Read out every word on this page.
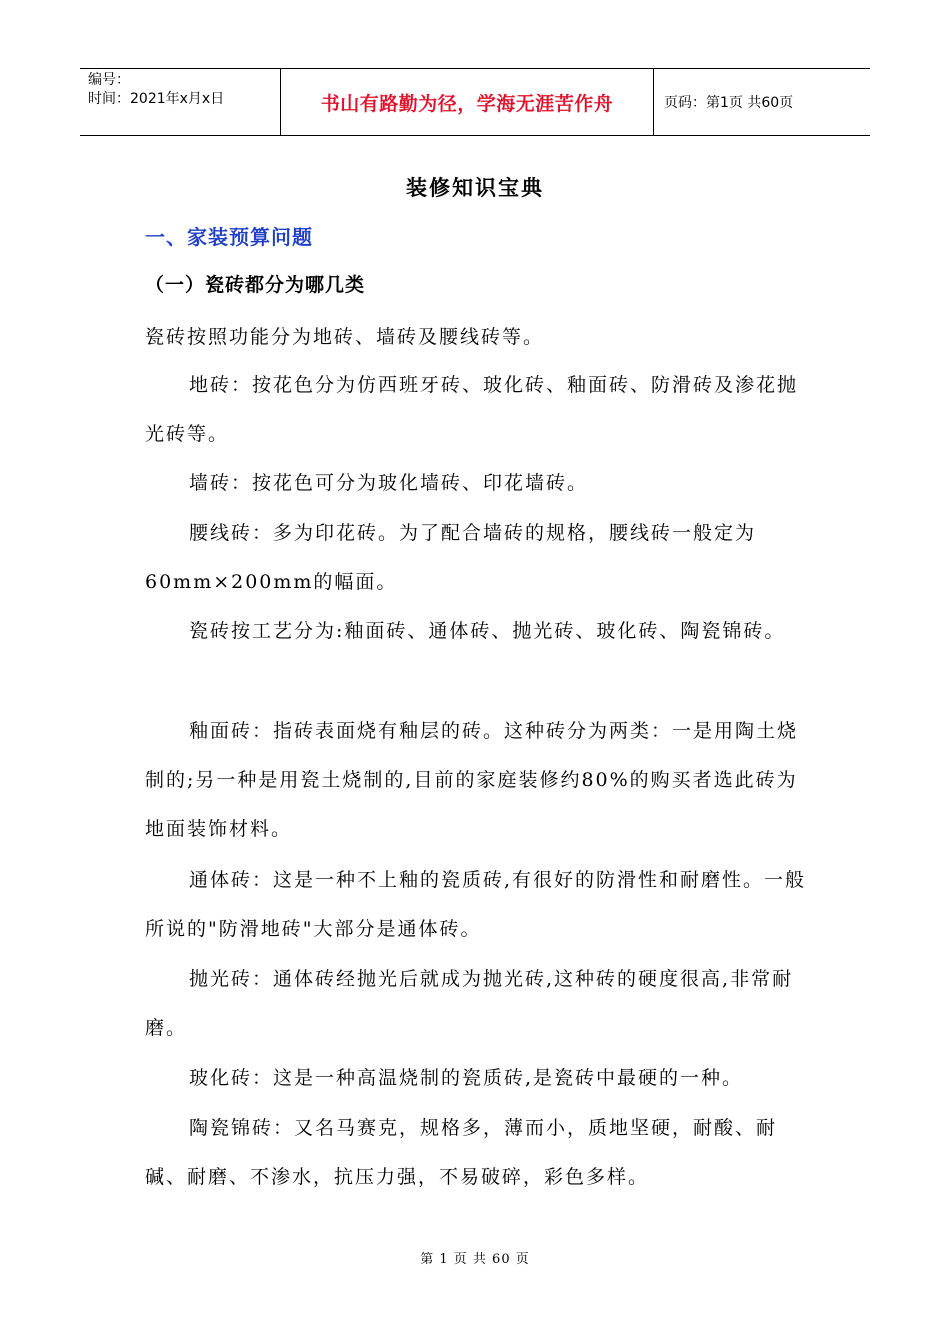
编号：
时间：2021年x月x日	书山有路勤为径，学海无涯苦作舟	页码：第1页 共60页
装修知识宝典
一、家装预算问题
（一）瓷砖都分为哪几类

瓷砖按照功能分为地砖、墙砖及腰线砖等。

地砖：按花色分为仿西班牙砖、玻化砖、釉面砖、防滑砖及渗花抛光砖等。

墙砖：按花色可分为玻化墙砖、印花墙砖。

腰线砖：多为印花砖。为了配合墙砖的规格，腰线砖一般定为60mm×200mm的幅面。

瓷砖按工艺分为:釉面砖、通体砖、抛光砖、玻化砖、陶瓷锦砖。

釉面砖：指砖表面烧有釉层的砖。这种砖分为两类：一是用陶土烧制的;另一种是用瓷土烧制的,目前的家庭装修约80%的购买者选此砖为地面装饰材料。

通体砖：这是一种不上釉的瓷质砖,有很好的防滑性和耐磨性。一般所说的"防滑地砖"大部分是通体砖。

抛光砖：通体砖经抛光后就成为抛光砖,这种砖的硬度很高,非常耐磨。

玻化砖：这是一种高温烧制的瓷质砖,是瓷砖中最硬的一种。

陶瓷锦砖：又名马赛克，规格多，薄而小，质地坚硬，耐酸、耐碱、耐磨、不渗水，抗压力强，不易破碎，彩色多样。

第 1 页 共 60 页
